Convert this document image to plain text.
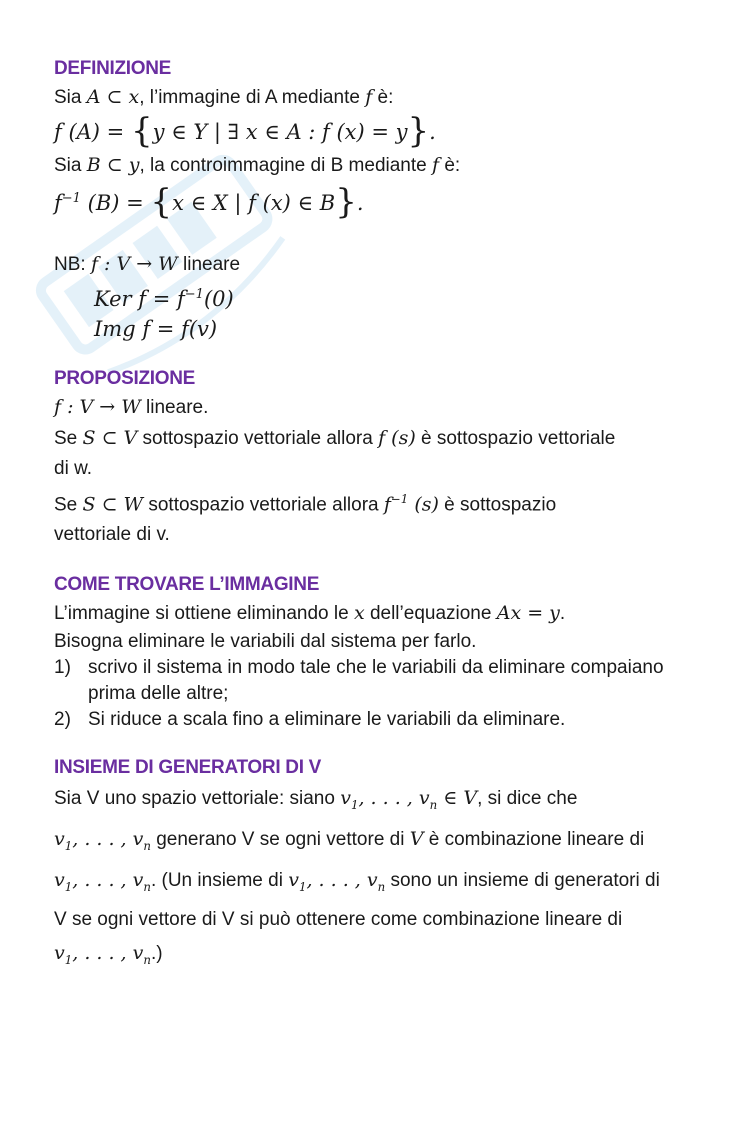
DEFINIZIONE
Sia A ⊂ x, l’immagine di A mediante f è:
f (A) = {y ∈ Y | ∃ x ∈ A : f (x) = y}.
Sia B ⊂ y, la controimmagine di B mediante f è:
$f^{-1}$ (B) = {x ∈ X | f (x) ∈ B}.
NB: f : V → W lineare
Ker $f = f^{-1}(0)$
Img f = f(v)
PROPOSIZIONE
f : V → W lineare.
Se S ⊂ V sottospazio vettoriale allora f (s) è sottospazio vettoriale
di w.
Se S ⊂ W sottospazio vettoriale allora $f^{-1}$ (s) è sottospazio
vettoriale di v.
COME TROVARE L’IMMAGINE
L’immagine si ottiene eliminando le x dell’equazione Ax = y.
Bisogna eliminare le variabili dal sistema per farlo.
1) scrivo il sistema in modo tale che le variabili da eliminare compaiano prima delle altre;
2) Si riduce a scala fino a eliminare le variabili da eliminare.
INSIEME DI GENERATORI DI V
Sia V uno spazio vettoriale: siano $v_1$, . . . , $v_n$ ∈ V, si dice che
$v_1$, . . . , $v_n$ generano V se ogni vettore di V è combinazione lineare di
$v_1$, . . . , $v_n$. (Un insieme di $v_1$, . . . , $v_n$ sono un insieme di generatori di
V se ogni vettore di V si può ottenere come combinazione lineare di
$v_1$, . . . , $v_n$.)
